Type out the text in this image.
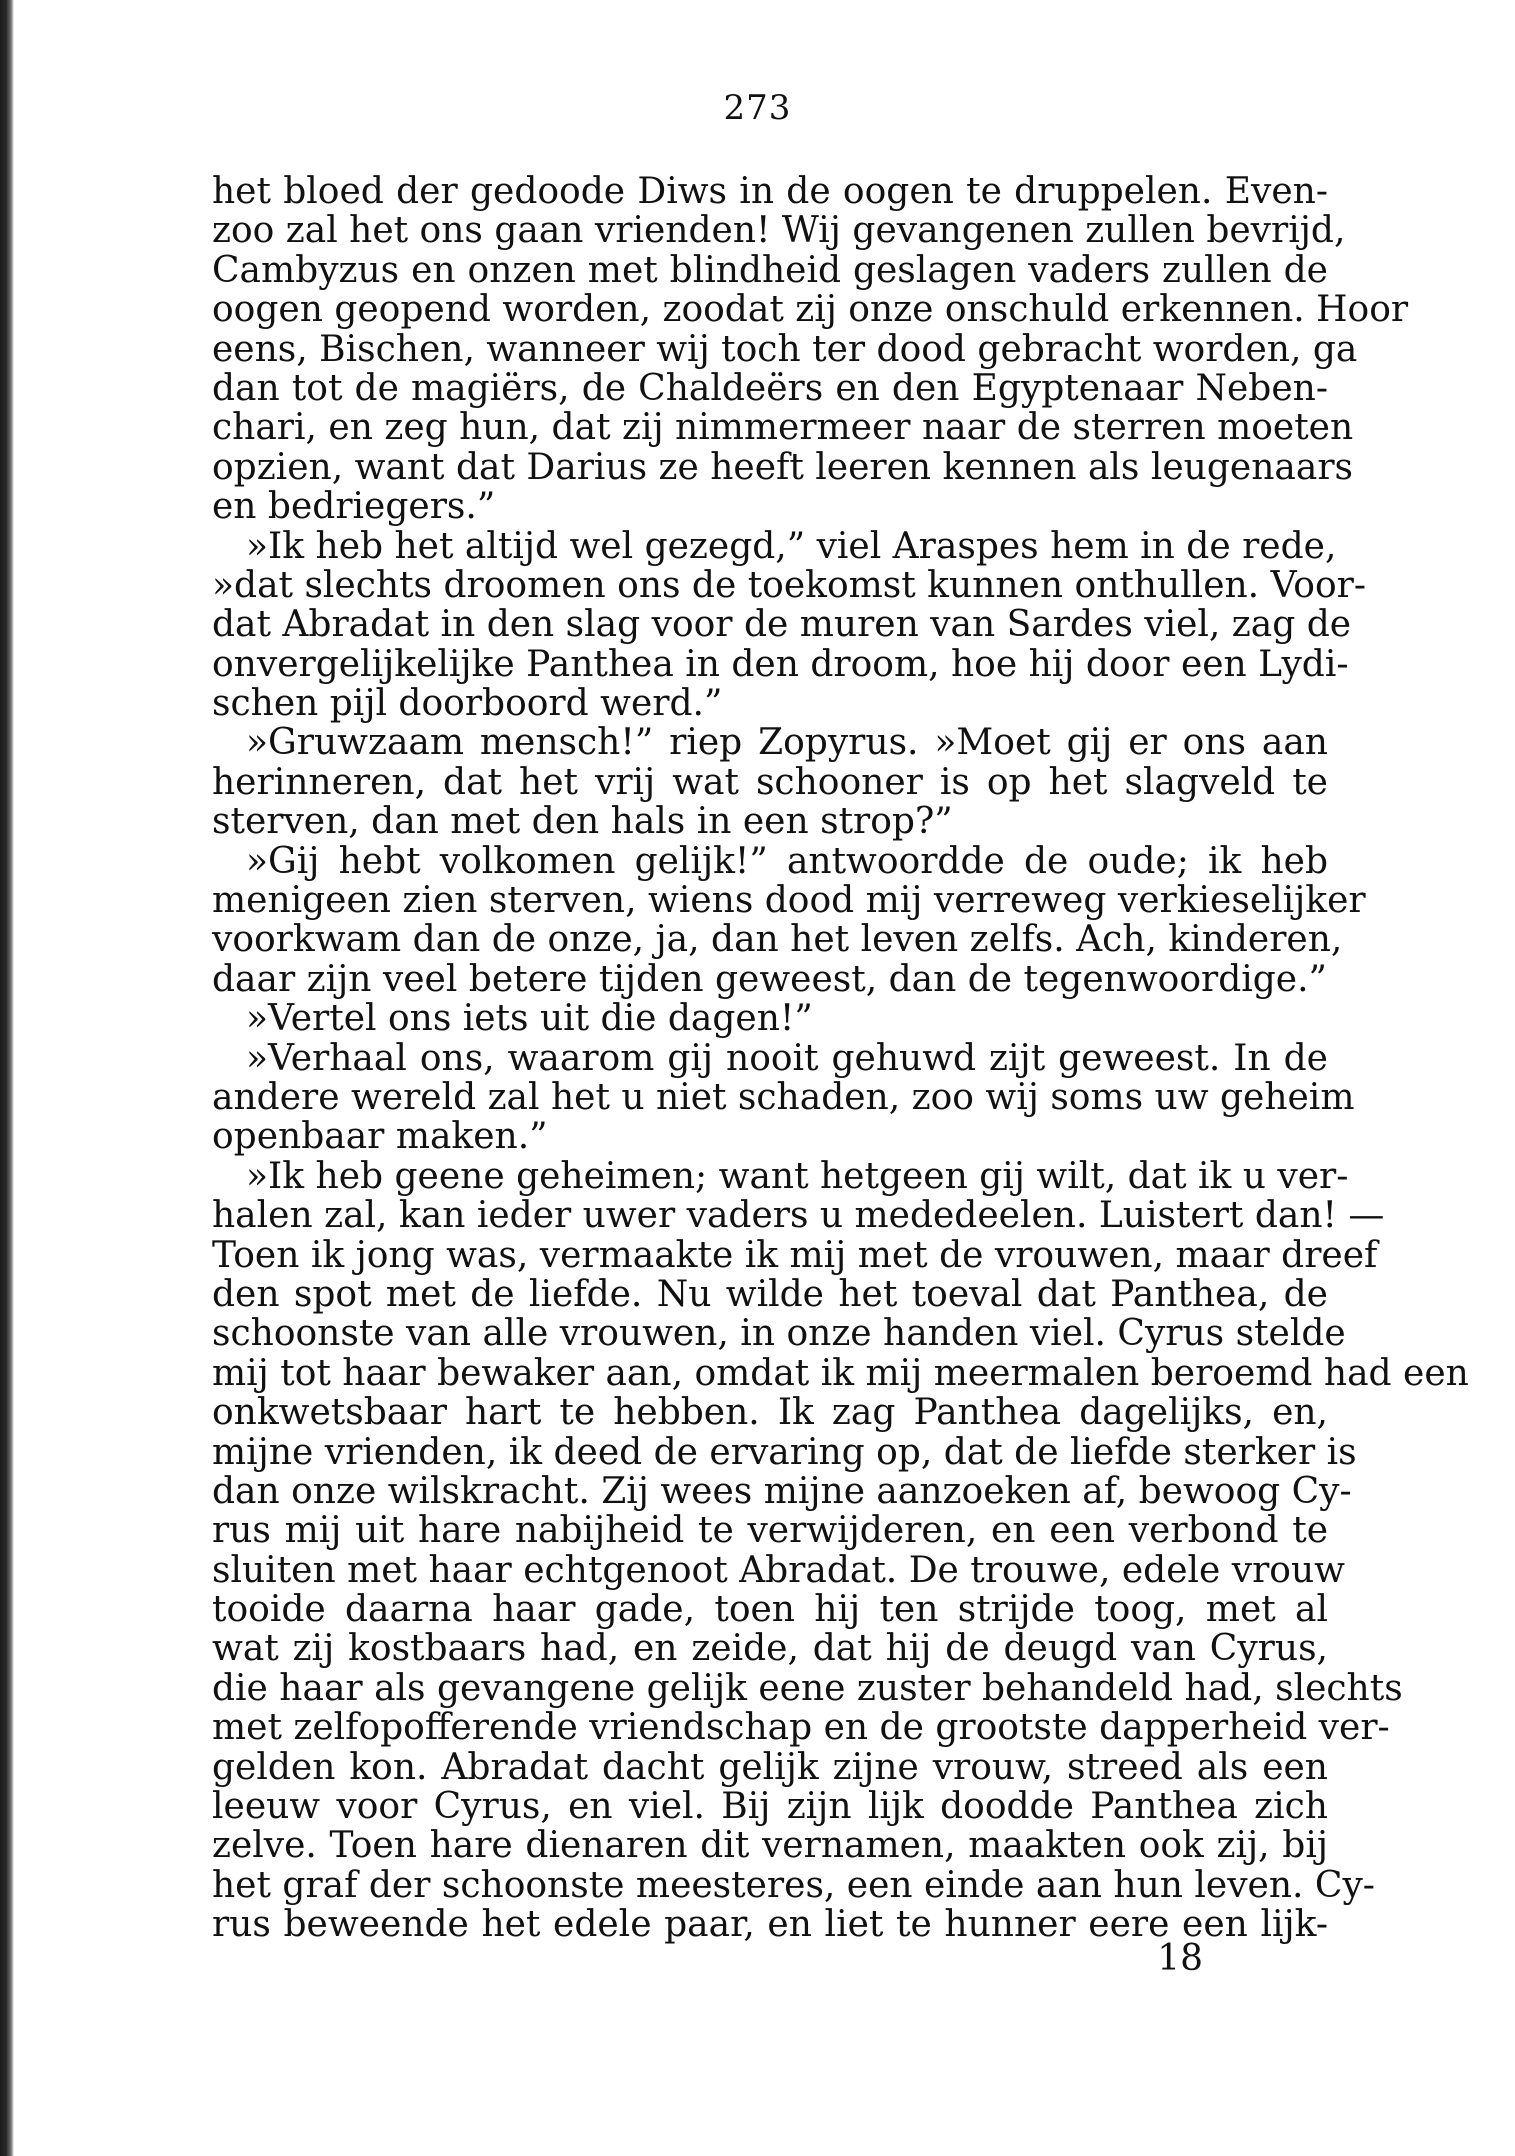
273
het bloed der gedoode Diws in de oogen te druppelen. Even-
zoo zal het ons gaan vrienden! Wij gevangenen zullen bevrijd,
Cambyzus en onzen met blindheid geslagen vaders zullen de
oogen geopend worden, zoodat zij onze onschuld erkennen. Hoor
eens, Bischen, wanneer wij toch ter dood gebracht worden, ga
dan tot de magiërs, de Chaldeërs en den Egyptenaar Neben-
chari, en zeg hun, dat zij nimmermeer naar de sterren moeten
opzien, want dat Darius ze heeft leeren kennen als leugenaars
en bedriegers.”
»Ik heb het altijd wel gezegd,” viel Araspes hem in de rede,
»dat slechts droomen ons de toekomst kunnen onthullen. Voor-
dat Abradat in den slag voor de muren van Sardes viel, zag de
onvergelijkelijke Panthea in den droom, hoe hij door een Lydi-
schen pijl doorboord werd.”
»Gruwzaam mensch!” riep Zopyrus. »Moet gij er ons aan
herinneren, dat het vrij wat schooner is op het slagveld te
sterven, dan met den hals in een strop?”
»Gij hebt volkomen gelijk!” antwoordde de oude; ik heb
menigeen zien sterven, wiens dood mij verreweg verkieselijker
voorkwam dan de onze, ja, dan het leven zelfs. Ach, kinderen,
daar zijn veel betere tijden geweest, dan de tegenwoordige.”
»Vertel ons iets uit die dagen!”
»Verhaal ons, waarom gij nooit gehuwd zijt geweest. In de
andere wereld zal het u niet schaden, zoo wij soms uw geheim
openbaar maken.”
»Ik heb geene geheimen; want hetgeen gij wilt, dat ik u ver-
halen zal, kan ieder uwer vaders u mededeelen. Luistert dan! —
Toen ik jong was, vermaakte ik mij met de vrouwen, maar dreef
den spot met de liefde. Nu wilde het toeval dat Panthea, de
schoonste van alle vrouwen, in onze handen viel. Cyrus stelde
mij tot haar bewaker aan, omdat ik mij meermalen beroemd had een
onkwetsbaar hart te hebben. Ik zag Panthea dagelijks, en,
mijne vrienden, ik deed de ervaring op, dat de liefde sterker is
dan onze wilskracht. Zij wees mijne aanzoeken af, bewoog Cy-
rus mij uit hare nabijheid te verwijderen, en een verbond te
sluiten met haar echtgenoot Abradat. De trouwe, edele vrouw
tooide daarna haar gade, toen hij ten strijde toog, met al
wat zij kostbaars had, en zeide, dat hij de deugd van Cyrus,
die haar als gevangene gelijk eene zuster behandeld had, slechts
met zelfopofferende vriendschap en de grootste dapperheid ver-
gelden kon. Abradat dacht gelijk zijne vrouw, streed als een
leeuw voor Cyrus, en viel. Bij zijn lijk doodde Panthea zich
zelve. Toen hare dienaren dit vernamen, maakten ook zij, bij
het graf der schoonste meesteres, een einde aan hun leven. Cy-
rus beweende het edele paar, en liet te hunner eere een lijk-
18
